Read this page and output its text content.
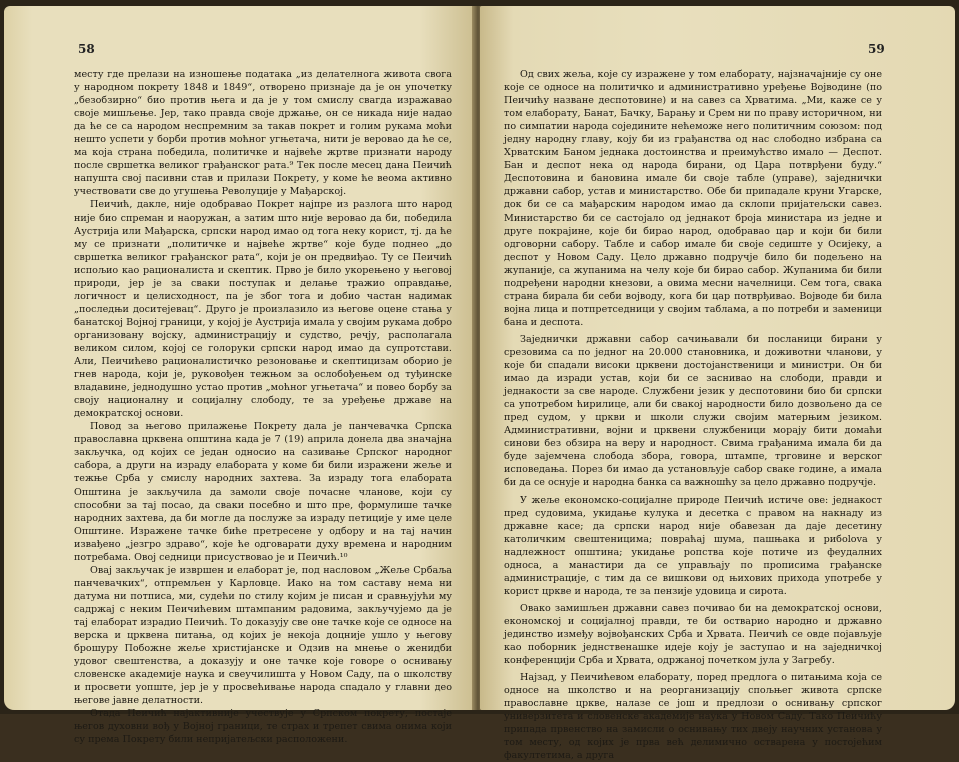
58

месту где прелази на изношење података „из делателнога живота свога у народном покрету 1848 и 1849“, отворено признаје да је он упочетку „безобзирно“ био против њега и да је у том смислу свагда изражавао своје мишљење. Јер, тако правда своје држање, он се никада није надао да ће се са народом неспремним за такав покрет и голим рукама моћи нешто успети у борби против моћног угњетача, нити је веровао да ће се, ма која страна победила, политичке и највеће жртве признати народу после свршетка великог грађанског рата.⁹ Тек после месец дана Пеичић напушта свој пасивни став и прилази Покрету, у коме ће веома активно учествовати све до угушења Револуције у Мађарској.

Пеичић, дакле, није одобравао Покрет најпре из разлога што народ није био спреман и наоружан, а затим што није веровао да би, победила Аустрија или Мађарска, српски народ имао од тога неку корист, тј. да ће му се признати „политичке и највеће жртве“ које буде поднео „до свршетка великог грађанског рата“, који је он предвиђао. Ту се Пеичић испољио као рационалиста и скептик. Прво је било укорењено у његовој природи, јер је за сваки поступак и делање тражио оправдање, логичност и целисходност, па је због тога и добио частан надимак „последњи доситејевац“. Друго је произлазило из његове оцене стања у банатској Војној граници, у којој је Аустрија имала у својим рукама добро организовану војску, администрацију и судство, речју, располагала великом силом, којој се голоруки српски народ имао да супротстави. Али, Пеичићево рационалистичко резоновање и скептицизам оборио је гнев народа, који је, руковођен тежњом за ослобођењем од туђинске владавине, једнодушно устао против „моћног угњетача“ и повео борбу за своју националну и социјалну слободу, те за уређење државе на демократској основи.

Повод за његово прилажење Покрету дала је панчевачка Српска православна црквена општина када је 7 (19) априла донела два значајна закључка, од којих се један односио на сазивање Српског народног сабора, а други на израду елабората у коме би били изражени жеље и тежње Срба у смислу народних захтева. За израду тога елабората Општина је закључила да замоли своје почасне чланове, који су способни за тај посао, да сваки посебно и што пре, формулише тачке народних захтева, да би могле да послуже за израду петиције у име целе Општине. Изражене тачке биће претресене у одбору и на тај начин извађено „језгро здраво“, које ће одговарати духу времена и народним потребама. Овој седници присуствовао је и Пеичић.¹⁰

Овај закључак је извршен и елаборат је, под насловом „Жеље Србаља панчевачких“, отпремљен у Карловце. Иако на том саставу нема ни датума ни потписа, ми, судећи по стилу којим је писан и сравњујући му садржај с неким Пеичићевим штампаним радовима, закључујемо да је тај елаборат израдио Пеичић. То доказују све оне тачке које се односе на верска и црквена питања, од којих је некоја доцније ушло у његову брошуру Побожне жеље христијанске и Одзив на мнење о женидби удовог свештенства, а доказују и оне тачке које говоре о оснивању словенске академије наука и свеучилишта у Новом Саду, па о школству и просвети уопште, јер је у просвећивање народа спадало у главни део његове јавне делатности.

Отада Пеичић најактивније учествује у Српском покрету, постаје његов духовни вођ у Војној граници, те страх и трепет свима онима који су према Покрету били непријатељски расположени.

59

Од свих жеља, које су изражене у том елаборату, најзначајније су оне које се односе на политичко и административно уређење Војводине (по Пеичићу назване деспотовине) и на савез са Хрватима. „Ми, каже се у том елаборату, Банат, Бачку, Барању и Срем ни по праву историчном, ни по симпатии народа соједините нећеможе него политичним союзом: под једну народну главу, коју би из грађанства од нас слободно избрана са Хрватским Баном једнака достоинства и преимућство имало — Деспот. Бан и деспот нека од народа бирани, од Цара потврђени буду.“ Деспотовина и бановина имале би своје табле (управе), заједнички државни сабор, устав и министарство. Обе би припадале круни Угарске, док би се са мађарским народом имао да склопи пријатељски савез. Министарство би се састојало од једнакот броја министара из једне и друге покрајине, које би бирао народ, одобравао цар и који би били одговорни сабору. Табле и сабор имале би своје седиште у Осијеку, а деспот у Новом Саду. Цело државно подручје било би подељено на жупаније, са жупанима на челу које би бирао сабор. Жупанима би били подређени народни кнезови, а овима месни начелници. Сем тога, свака страна бирала би себи војводу, кога би цар потврђивао. Војводе би била војна лица и потпретседници у својим таблама, а по потреби и заменици бана и деспота.

Заједнички државни сабор сачињавали би посланици бирани у срезовима са по једног на 20.000 становника, и доживотни чланови, у које би спадали високи црквени достојанственици и министри. Он би имао да изради устав, који би се заснивао на слободи, правди и једнакости за све народе. Службени језик у деспотовини био би српски са употребом ћирилице, али би свакој народности било дозвољено да се пред судом, у цркви и школи служи својим матерњим језиком. Административни, војни и црквени службеници морају бити домаћи синови без обзира на веру и народност. Свима грађанима имала би да буде зајемчена слобода збора, говора, штампе, трговине и верског исповедања. Порез би имао да установљује сабор свакe године, а имала би да се оснује и народна банка са важношћу за цело државно подручје.

У жеље економско-социјалне природе Пеичић истиче ове: једнакост пред судовима, укидање кулука и десетка с правом на накнаду из државне касе; да српски народ није обавезан да даје десетину католичким свештеницима; повраћај шума, пашњака и рибolova у надлежност општина; укидање ропства које потиче из феудалних односа, а манастири да се управљају по прописима грађанске администрације, с тим да се вишкови од њихових прихода употребе у корист цркве и народа, те за пензије удовица и сирота.

Овако замишљен државни савез почивао би на демократској основи, економској и социјалној правди, те би остварио народно и државно јединство између војвођанских Срба и Хрвата. Пеичић се овде појављује као поборник једнственашке идеје коју је заступао и на заједничкој конференцији Срба и Хрвата, одржаној почетком јула у Загребу.

Најзад, у Пеичићевом елаборату, поред предлога о питањима која се односе на школство и на реорганизацију спољњег живота српске православне цркве, налазе се још и предлози о оснивању српског универзитета и словенске академије наука у Новом Саду. Тако Пеичићу припада првенство на замисли о оснивању тих двеју научних установа у том месту, од којих је прва већ делимично остварена у постојећим факултетима, а друга
